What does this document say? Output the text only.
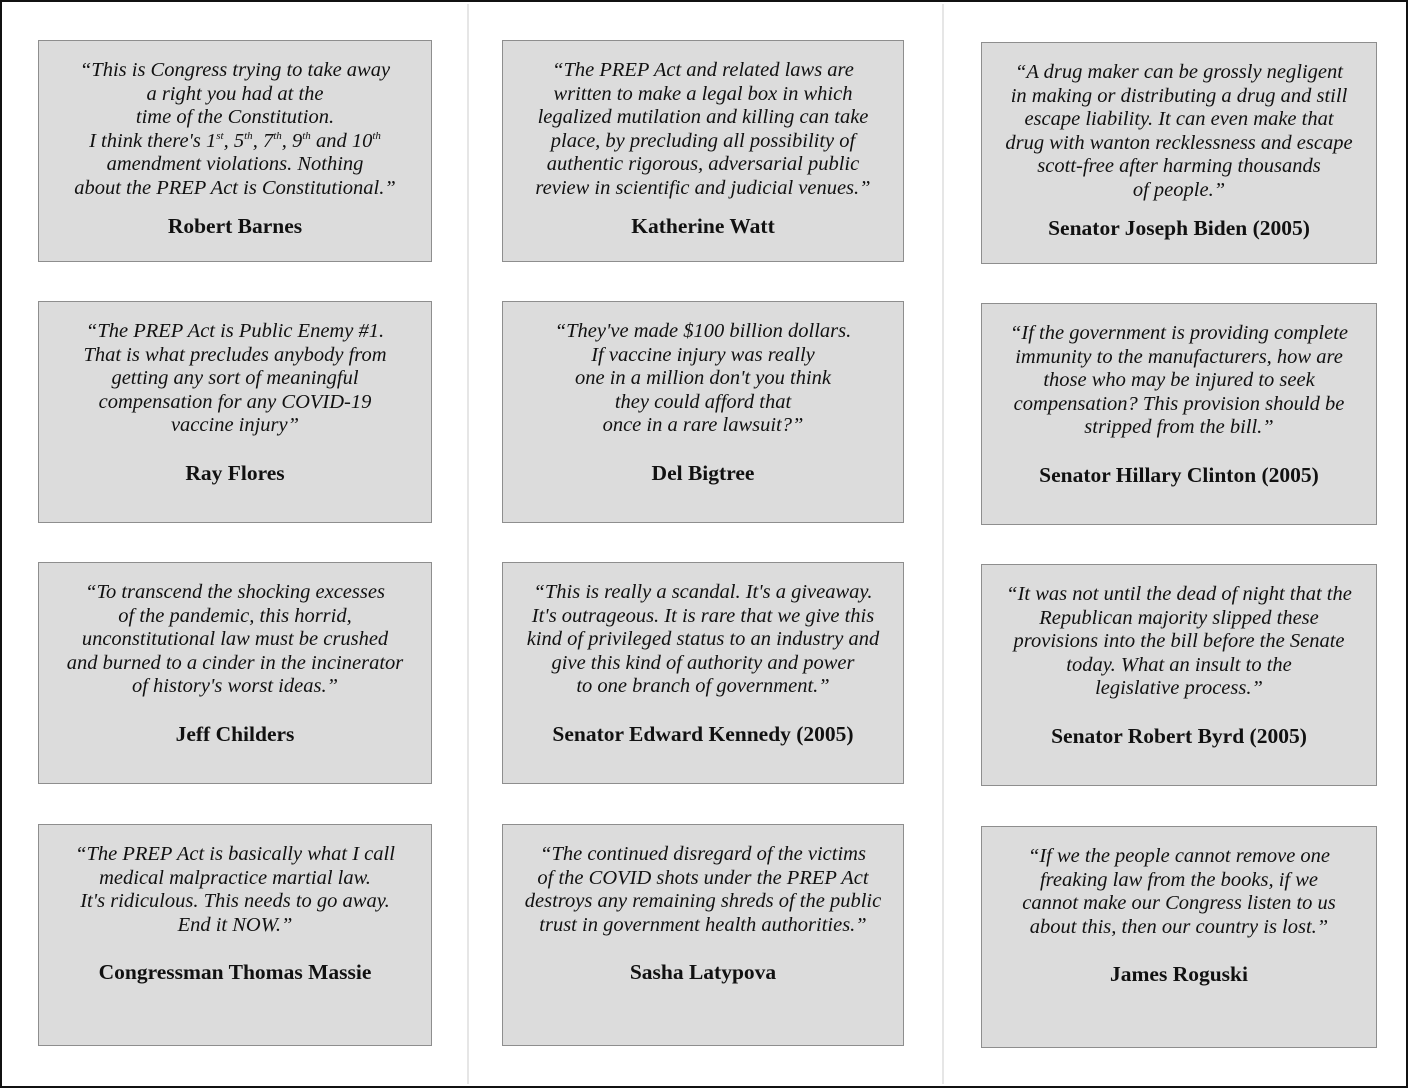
“This is Congress trying to take away
a right you had at the
time of the Constitution.
I think there's 1st, 5th, 7th, 9th and 10th
amendment violations. Nothing
about the PREP Act is Constitutional.”
Robert Barnes
“The PREP Act and related laws are
written to make a legal box in which
legalized mutilation and killing can take
place, by precluding all possibility of
authentic rigorous, adversarial public
review in scientific and judicial venues.”
Katherine Watt
“A drug maker can be grossly negligent
in making or distributing a drug and still
escape liability. It can even make that
drug with wanton recklessness and escape
scott-free after harming thousands
of people.”
Senator Joseph Biden (2005)
“The PREP Act is Public Enemy #1.
That is what precludes anybody from
getting any sort of meaningful
compensation for any COVID-19
vaccine injury”
Ray Flores
“They've made $100 billion dollars.
If vaccine injury was really
one in a million don't you think
they could afford that
once in a rare lawsuit?”
Del Bigtree
“If the government is providing complete
immunity to the manufacturers, how are
those who may be injured to seek
compensation? This provision should be
stripped from the bill.”
Senator Hillary Clinton (2005)
“To transcend the shocking excesses
of the pandemic, this horrid,
unconstitutional law must be crushed
and burned to a cinder in the incinerator
of history's worst ideas.”
Jeff Childers
“This is really a scandal. It's a giveaway.
It's outrageous. It is rare that we give this
kind of privileged status to an industry and
give this kind of authority and power
to one branch of government.”
Senator Edward Kennedy (2005)
“It was not until the dead of night that the
Republican majority slipped these
provisions into the bill before the Senate
today. What an insult to the
legislative process.”
Senator Robert Byrd (2005)
“The PREP Act is basically what I call
medical malpractice martial law.
It's ridiculous. This needs to go away.
End it NOW.”
Congressman Thomas Massie
“The continued disregard of the victims
of the COVID shots under the PREP Act
destroys any remaining shreds of the public
trust in government health authorities.”
Sasha Latypova
“If we the people cannot remove one
freaking law from the books, if we
cannot make our Congress listen to us
about this, then our country is lost.”
James Roguski
